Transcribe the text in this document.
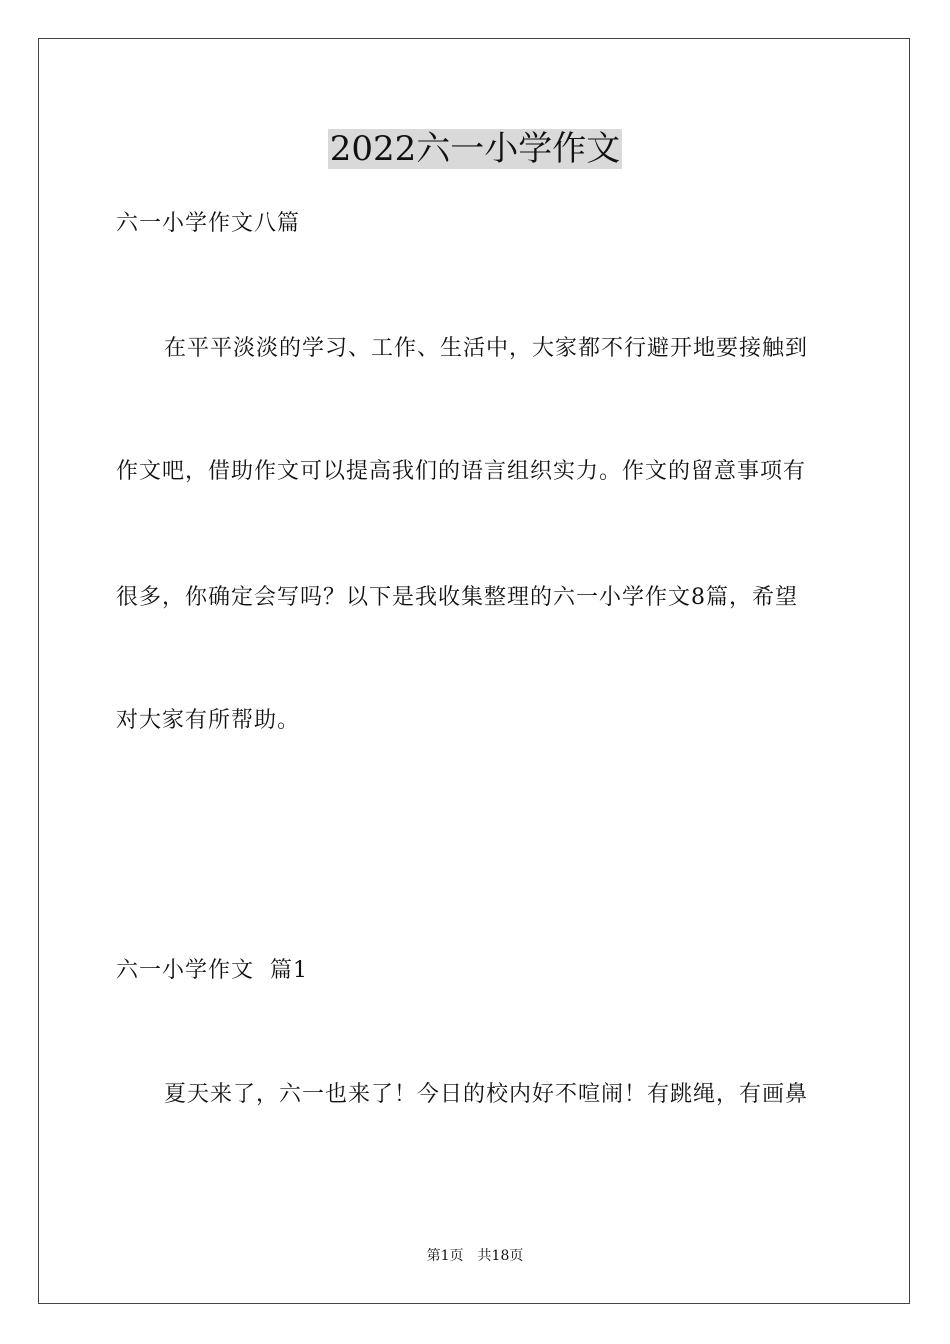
2022六一小学作文
六一小学作文八篇
在平平淡淡的学习、工作、生活中，大家都不行避开地要接触到
作文吧，借助作文可以提高我们的语言组织实力。作文的留意事项有
很多，你确定会写吗？以下是我收集整理的六一小学作文8篇，希望
对大家有所帮助。
六一小学作文  篇1
夏天来了，六一也来了！今日的校内好不喧闹！有跳绳，有画鼻
第1页 共18页
